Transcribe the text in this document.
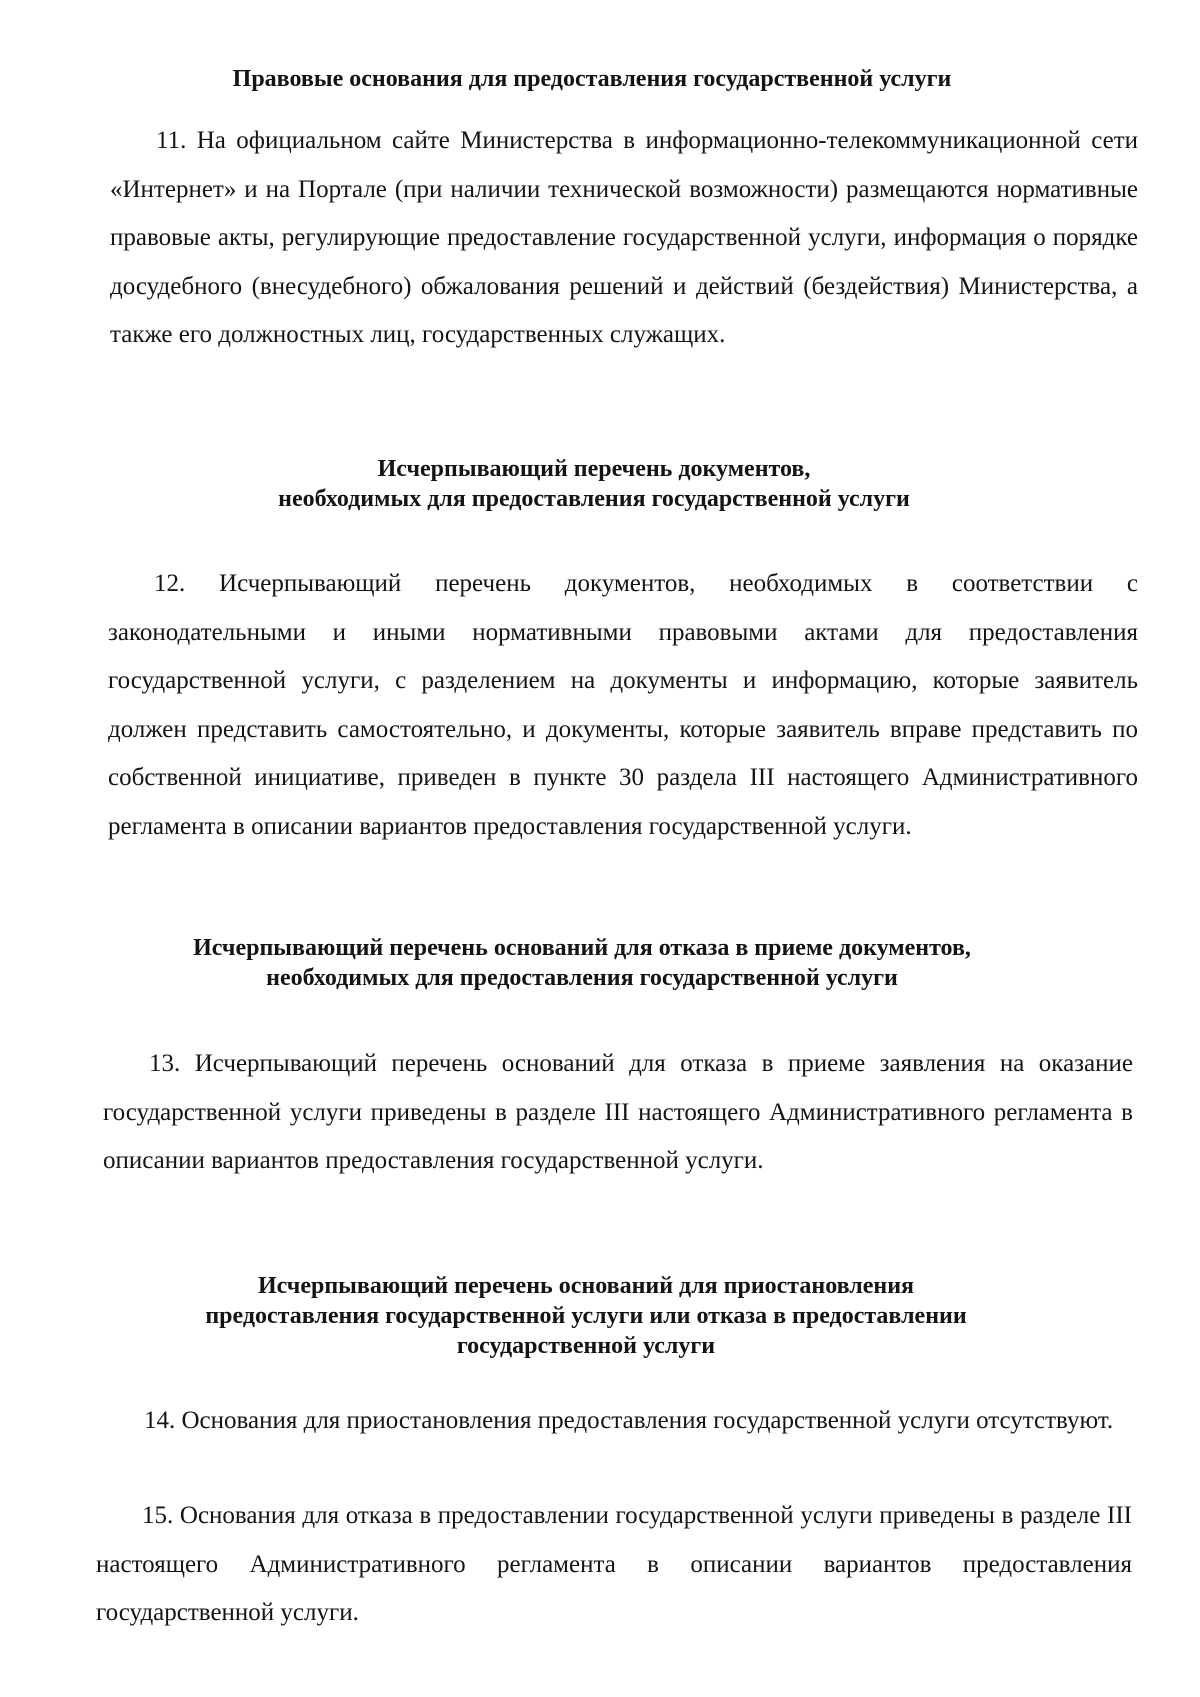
Правовые основания для предоставления государственной услуги

11. На официальном сайте Министерства в информационно-телекоммуникационной сети «Интернет» и на Портале (при наличии технической возможности) размещаются нормативные правовые акты, регулирующие предоставление государственной услуги, информация о порядке досудебного (внесудебного) обжалования решений и действий (бездействия) Министерства, а также его должностных лиц, государственных служащих.

Исчерпывающий перечень документов,
необходимых для предоставления государственной услуги

12. Исчерпывающий перечень документов, необходимых в соответствии с законодательными и иными нормативными правовыми актами для предоставления государственной услуги, с разделением на документы и информацию, которые заявитель должен представить самостоятельно, и документы, которые заявитель вправе представить по собственной инициативе, приведен в пункте 30 раздела III настоящего Административного регламента в описании вариантов предоставления государственной услуги.

Исчерпывающий перечень оснований для отказа в приеме документов,
необходимых для предоставления государственной услуги

13. Исчерпывающий перечень оснований для отказа в приеме заявления на оказание государственной услуги приведены в разделе III настоящего Административного регламента в описании вариантов предоставления государственной услуги.

Исчерпывающий перечень оснований для приостановления
предоставления государственной услуги или отказа в предоставлении
государственной услуги

14. Основания для приостановления предоставления государственной услуги отсутствуют.

15. Основания для отказа в предоставлении государственной услуги приведены в разделе III настоящего Административного регламента в описании вариантов предоставления государственной услуги.
